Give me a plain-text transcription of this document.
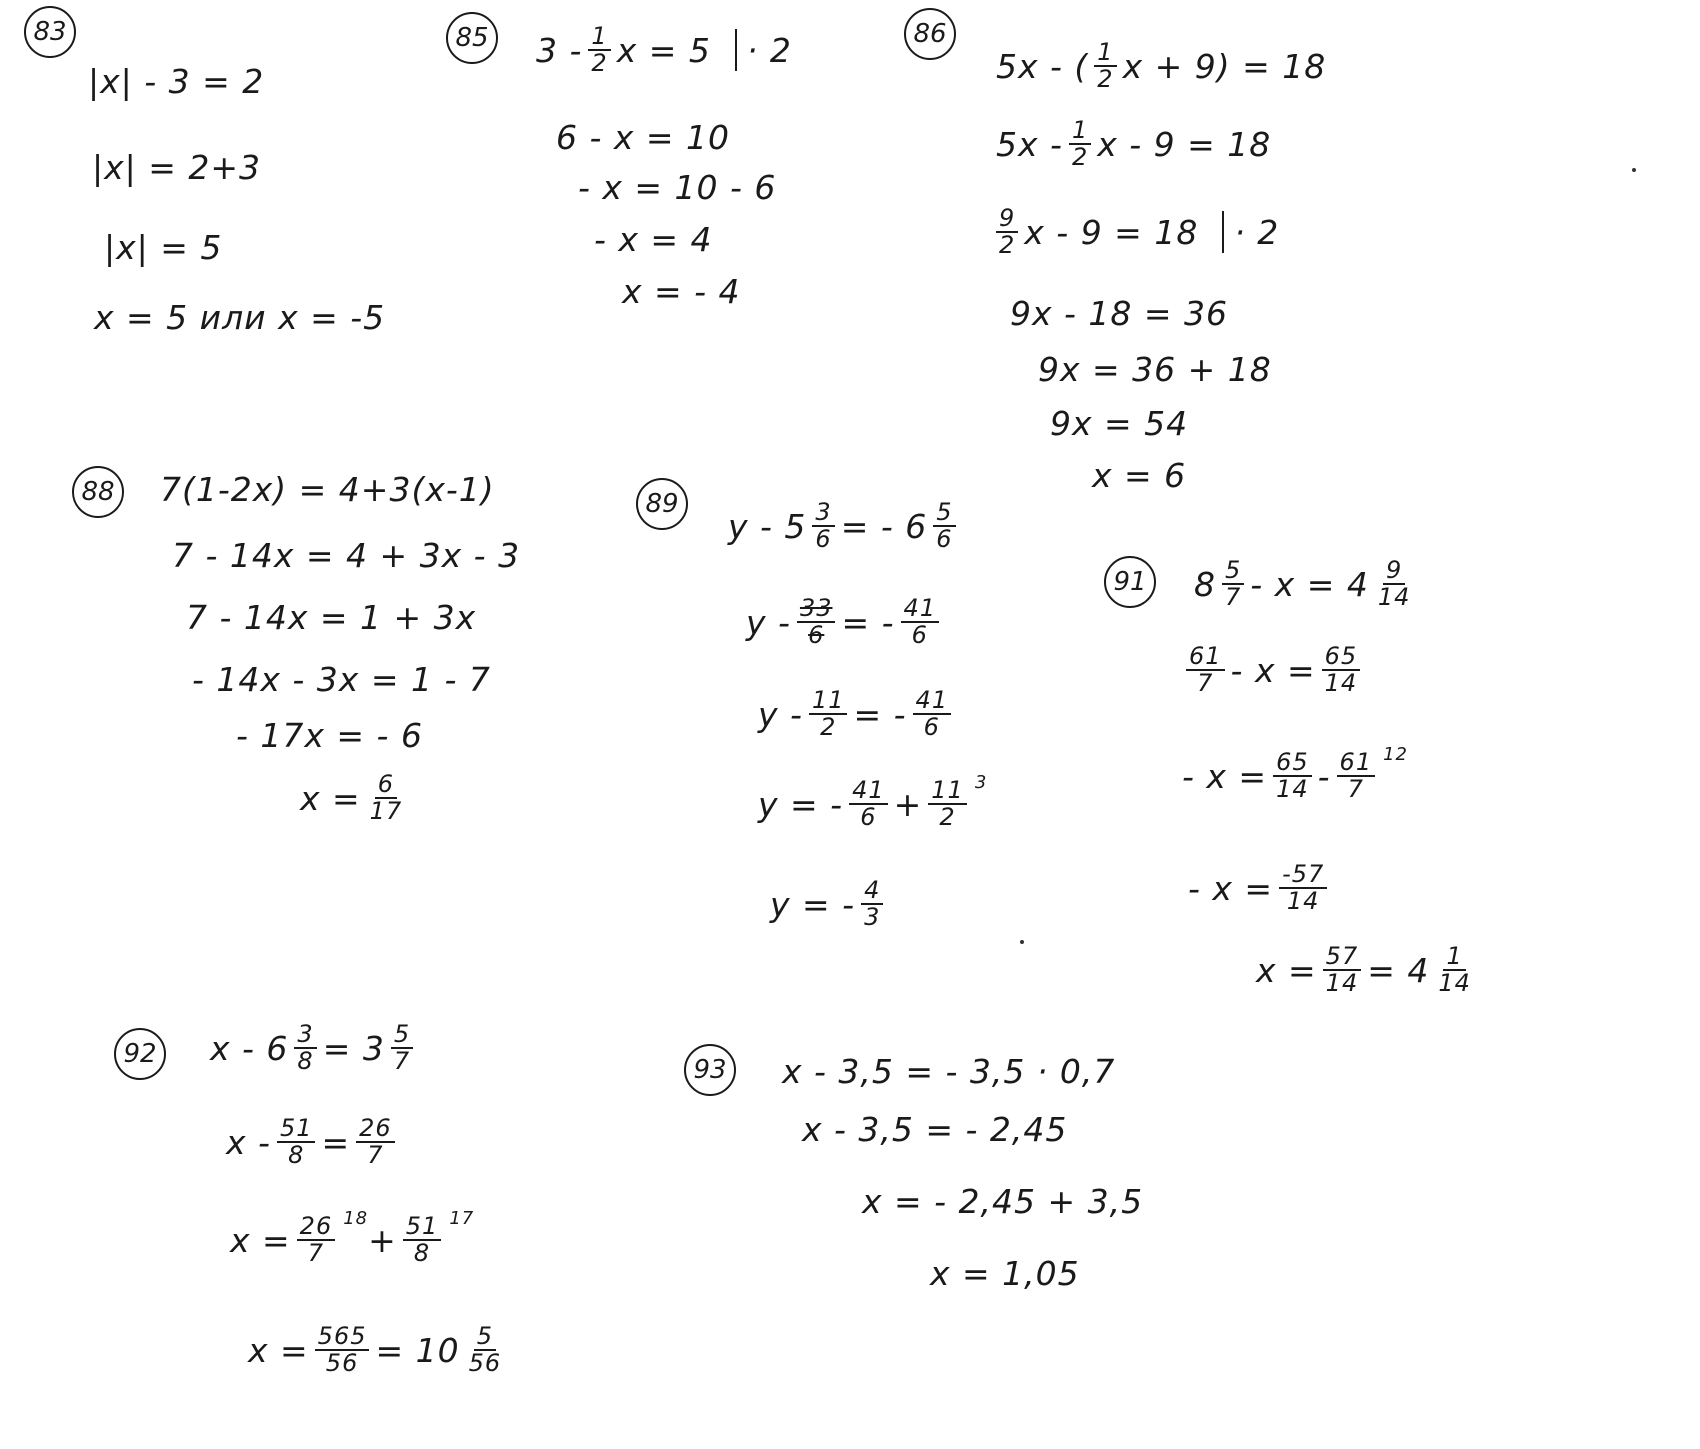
83
|x| - 3 = 2
|x| = 2+3
|x| = 5
x = 5 или x = -5
85 $3 - \frac{1}{2}$ x = 5 · 2
6 - x = 10
- x = 10 - 6
- x = 4
x = - 4
86
5x - ( $\frac{1}{2}$ x + 9) = 18
$5x - \frac{1}{2}$ x - 9 = 18
$\frac{9}{2}$ x - 9 = 18 · 2
9x - 18 = 36
9x = 36 + 18
9x = 54
x = 6
88 7(1-2x) = 4+3(x-1)
7 - 14x = 4 + 3x - 3
7 - 14x = 1 + 3x
- 14x - 3x = 1 - 7
- 17x = - 6
$x = \frac{6}{17}$
89
y - $5 \frac{3}{6}$ = - $6 \frac{5}{6}$
y - $\frac{33}{6}$ = - $\frac{41}{6}$
y - $\frac{11}{2}$ = - $\frac{41}{6}$
y = - $\frac{41}{6} + \frac{11}{2} 3$
y = - $\frac{4}{3}$
91 $8 \frac{5}{7} - x = 4 \frac{9}{14}$
$\frac{61}{7} - x = \frac{65}{14}$
- $x = \frac{65}{14} - \frac{61}{7} 12$
- $x = \frac{-57}{14}$
$x = \frac{57}{14} = 4 \frac{1}{14}$
92 $x - 6 \frac{3}{8} = 3 \frac{5}{7}$
$x - \frac{51}{8} = \frac{26}{7}$
$x = \frac{26}{7} 18$
+ $\frac{51}{8} 17$
$x = \frac{565}{56} = 10 \frac{5}{56}$
93 x - 3,5 = - 3,5 · 0,7
x - 3,5 = - 2,45
x = - 2,45 + 3,5
x = 1,05
